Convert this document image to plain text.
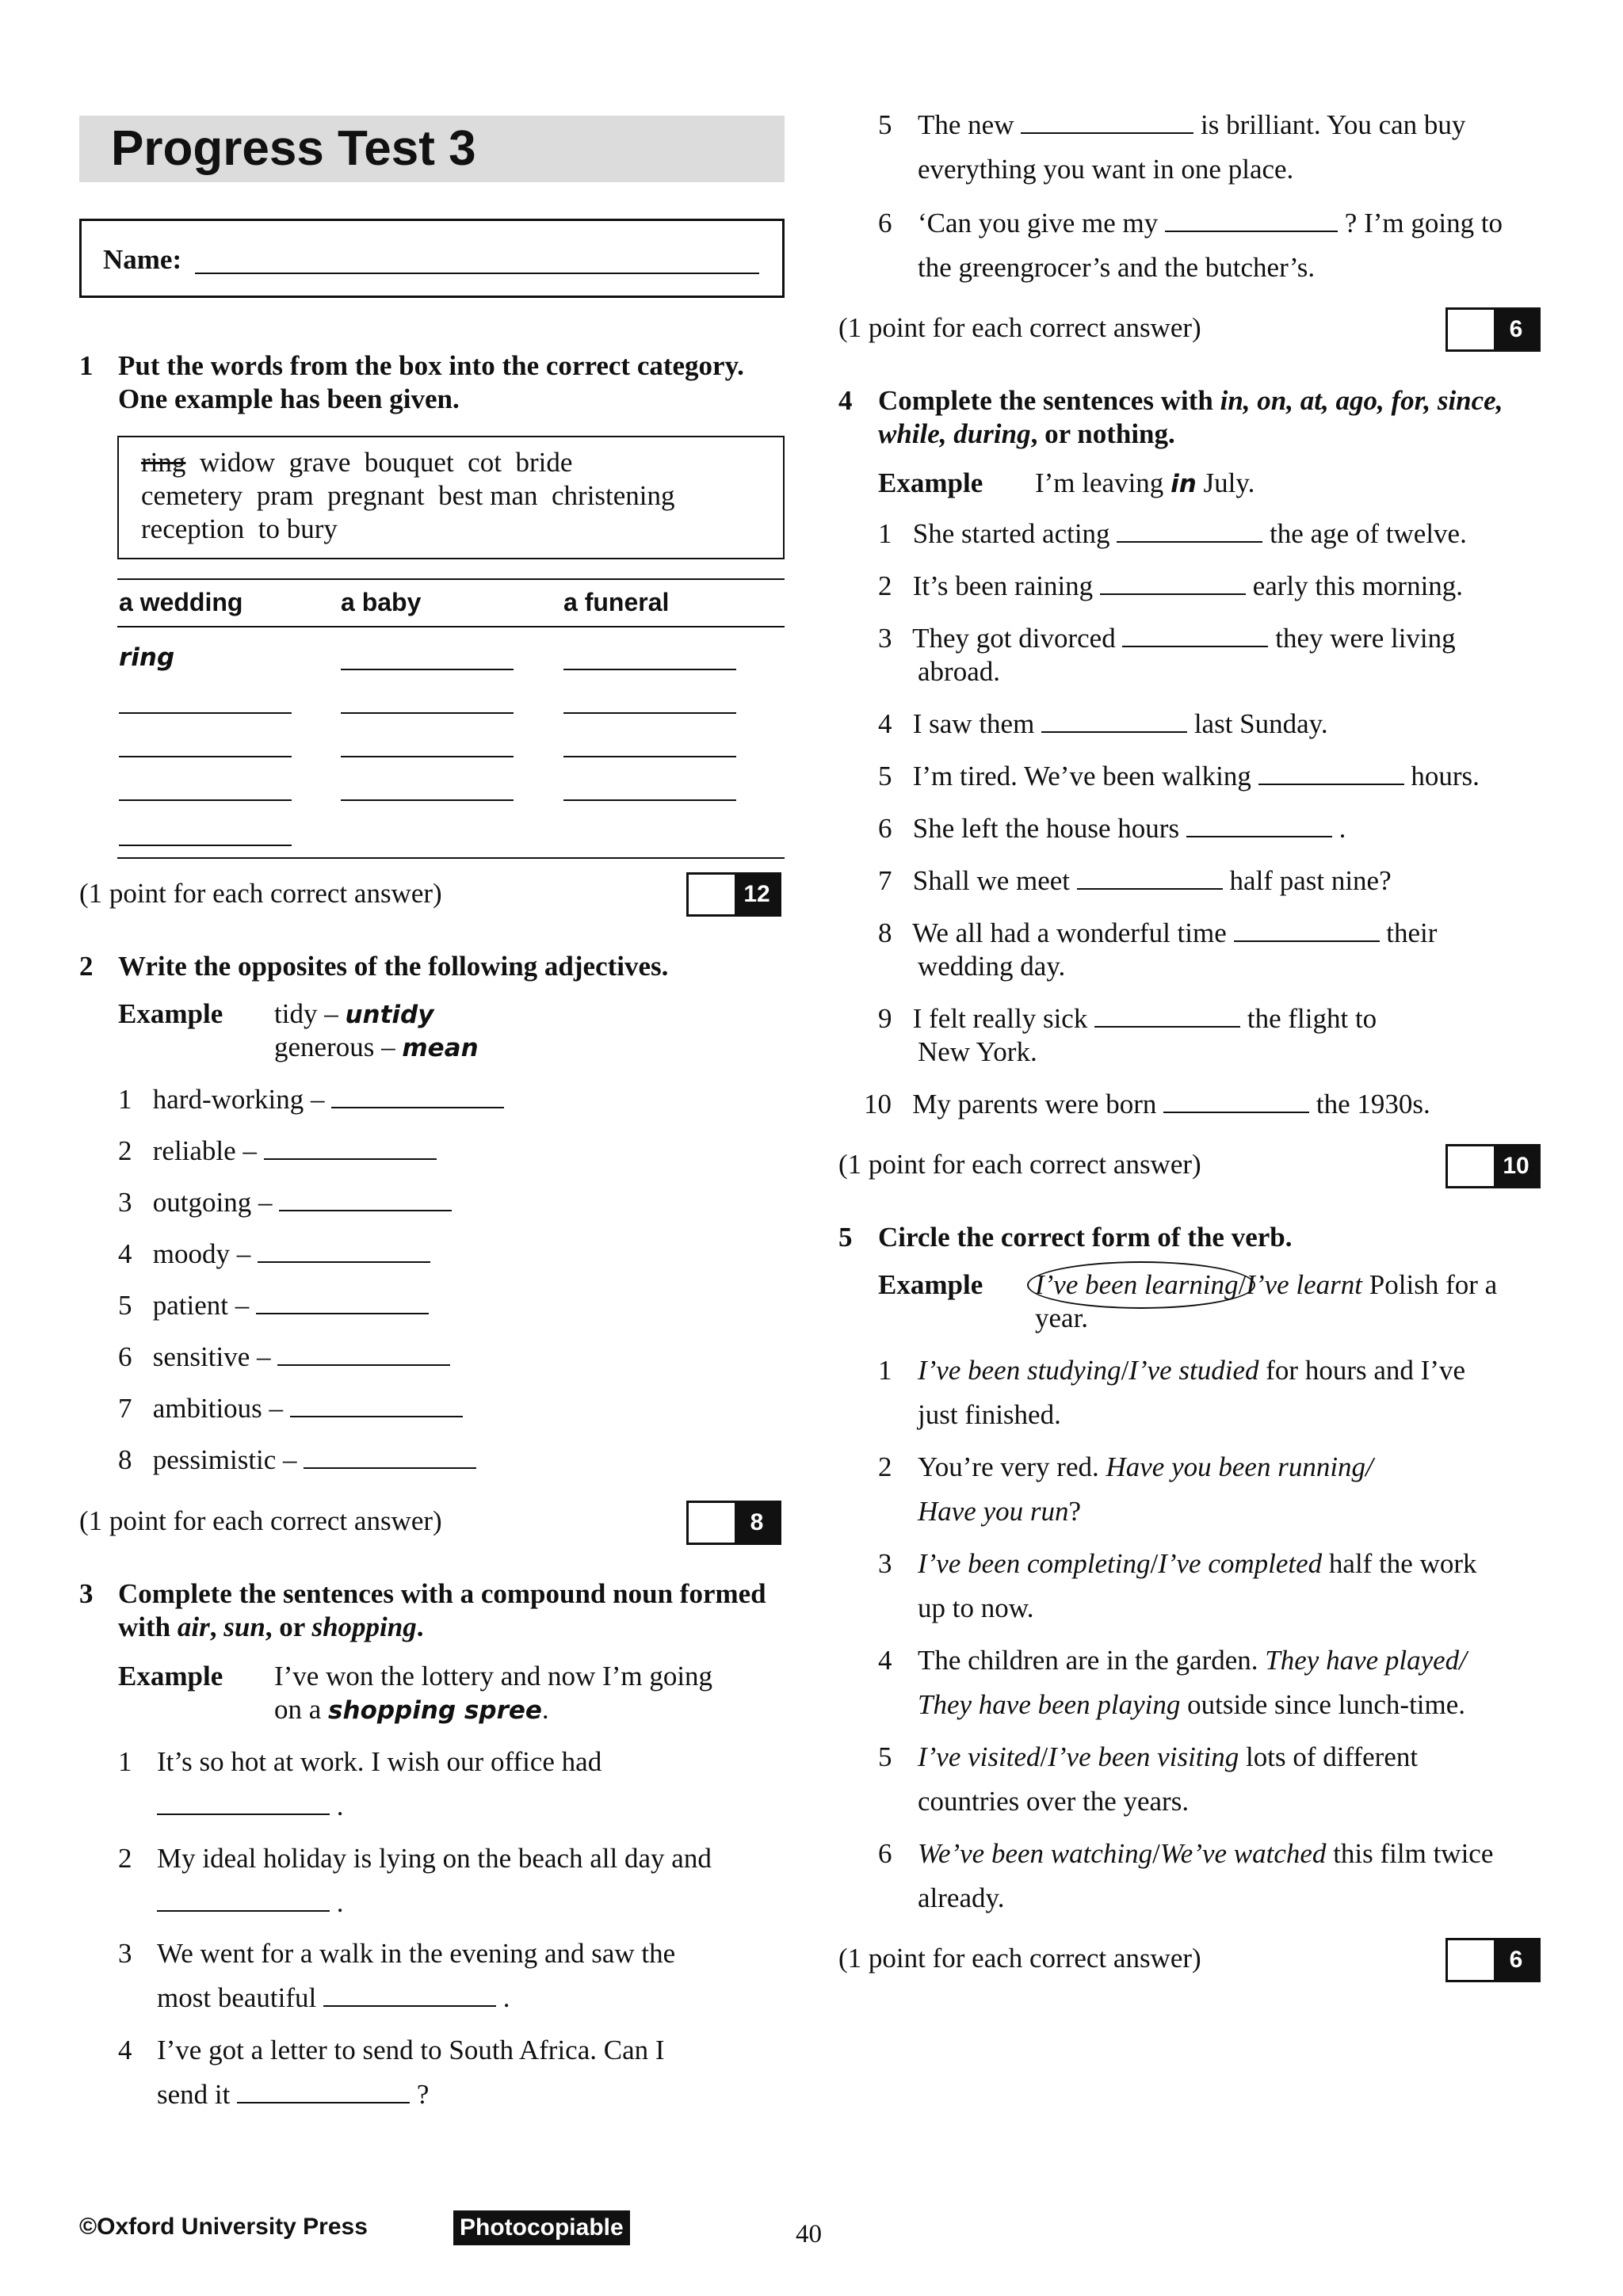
Progress Test 3
Name:
1 Put the words from the box into the correct category.
One example has been given.
ring widow grave bouquet cot bride
cemetery pram pregnant best man christening
reception to bury
a wedding	a baby	a funeral
ring
(1 point for each correct answer)	12
2 Write the opposites of the following adjectives.
Example tidy – untidy
generous – mean
1 hard-working –
2 reliable –
3 outgoing –
4 moody –
5 patient –
6 sensitive –
7 ambitious –
8 pessimistic –
(1 point for each correct answer)	8
3 Complete the sentences with a compound noun formed
with air, sun, or shopping.
Example I’ve won the lottery and now I’m going
on a shopping spree.
1 It’s so hot at work. I wish our office had
.
2 My ideal holiday is lying on the beach all day and
.
3 We went for a walk in the evening and saw the
most beautiful	.
4 I’ve got a letter to send to South Africa. Can I
send it	?
©Oxford University Press	Photocopiable
5 The new	is brilliant. You can buy
everything you want in one place.
6 ‘Can you give me my	? I’m going to
the greengrocer’s and the butcher’s.
(1 point for each correct answer)	6
4 Complete the sentences with in, on, at, ago, for, since,
while, during, or nothing.
Example I’m leaving in July.
1 She started acting	the age of twelve.
2 It’s been raining	early this morning.
3 They got divorced	they were living
abroad.
4 I saw them	last Sunday.
5 I’m tired. We’ve been walking	hours.
6 She left the house hours	.
7 Shall we meet	half past nine?
8 We all had a wonderful time	their
wedding day.
9 I felt really sick	the flight to
New York.
10 My parents were born	the 1930s.
(1 point for each correct answer)	10
5 Circle the correct form of the verb.
Example I’ve been learning/I’ve learnt Polish for a
year.
1 I’ve been studying/I’ve studied for hours and I’ve
just finished.
2 You’re very red. Have you been running/
Have you run?
3 I’ve been completing/I’ve completed half the work
up to now.
4 The children are in the garden. They have played/
They have been playing outside since lunch-time.
5 I’ve visited/I’ve been visiting lots of different
countries over the years.
6 We’ve been watching/We’ve watched this film twice
already.
(1 point for each correct answer)	6
40
